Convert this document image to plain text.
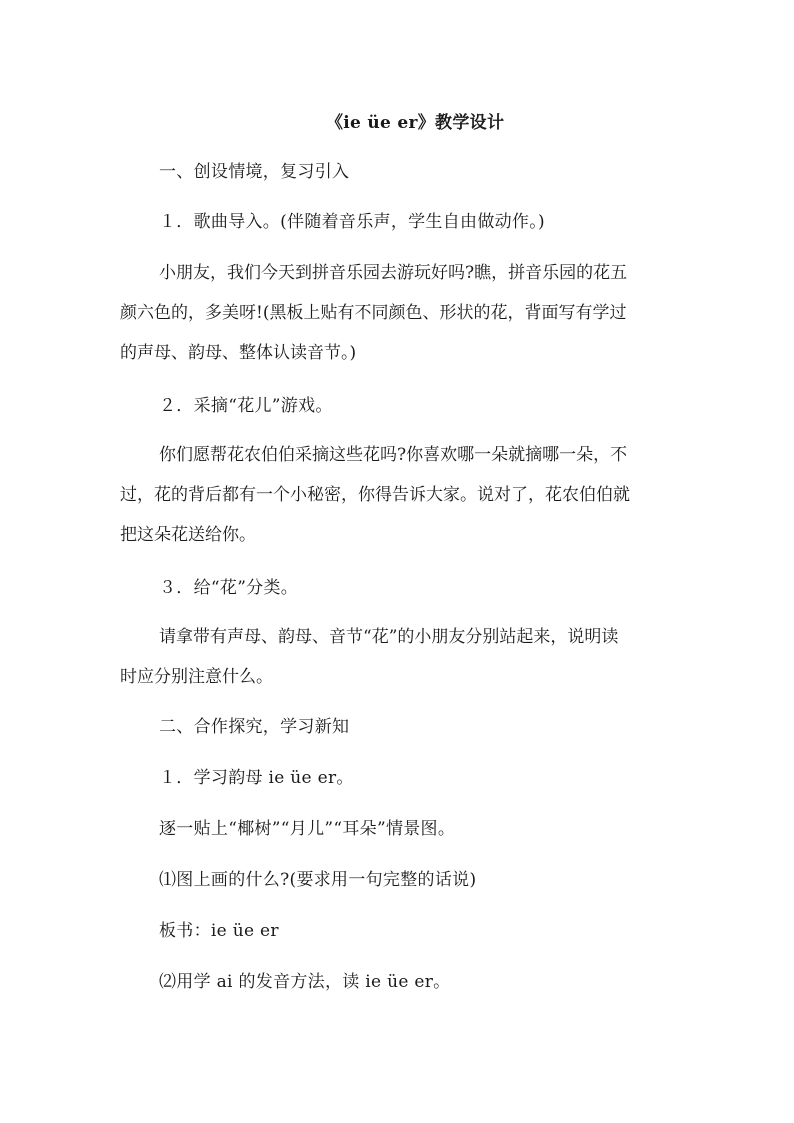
《ie üe er》教学设计
一、创设情境，复习引入
１．歌曲导入。(伴随着音乐声，学生自由做动作。)
小朋友，我们今天到拼音乐园去游玩好吗?瞧，拼音乐园的花五
颜六色的，多美呀!(黑板上贴有不同颜色、形状的花，背面写有学过
的声母、韵母、整体认读音节。)
２．采摘“花儿”游戏。
你们愿帮花农伯伯采摘这些花吗?你喜欢哪一朵就摘哪一朵，不
过，花的背后都有一个小秘密，你得告诉大家。说对了，花农伯伯就
把这朵花送给你。
３．给“花”分类。
请拿带有声母、韵母、音节“花”的小朋友分别站起来，说明读
时应分别注意什么。
二、合作探究，学习新知
１．学习韵母 ie üe er。
逐一贴上“椰树”“月儿”“耳朵”情景图。
⑴图上画的什么?(要求用一句完整的话说)
板书：ie üe er
⑵用学 ai 的发音方法，读 ie üe er。
